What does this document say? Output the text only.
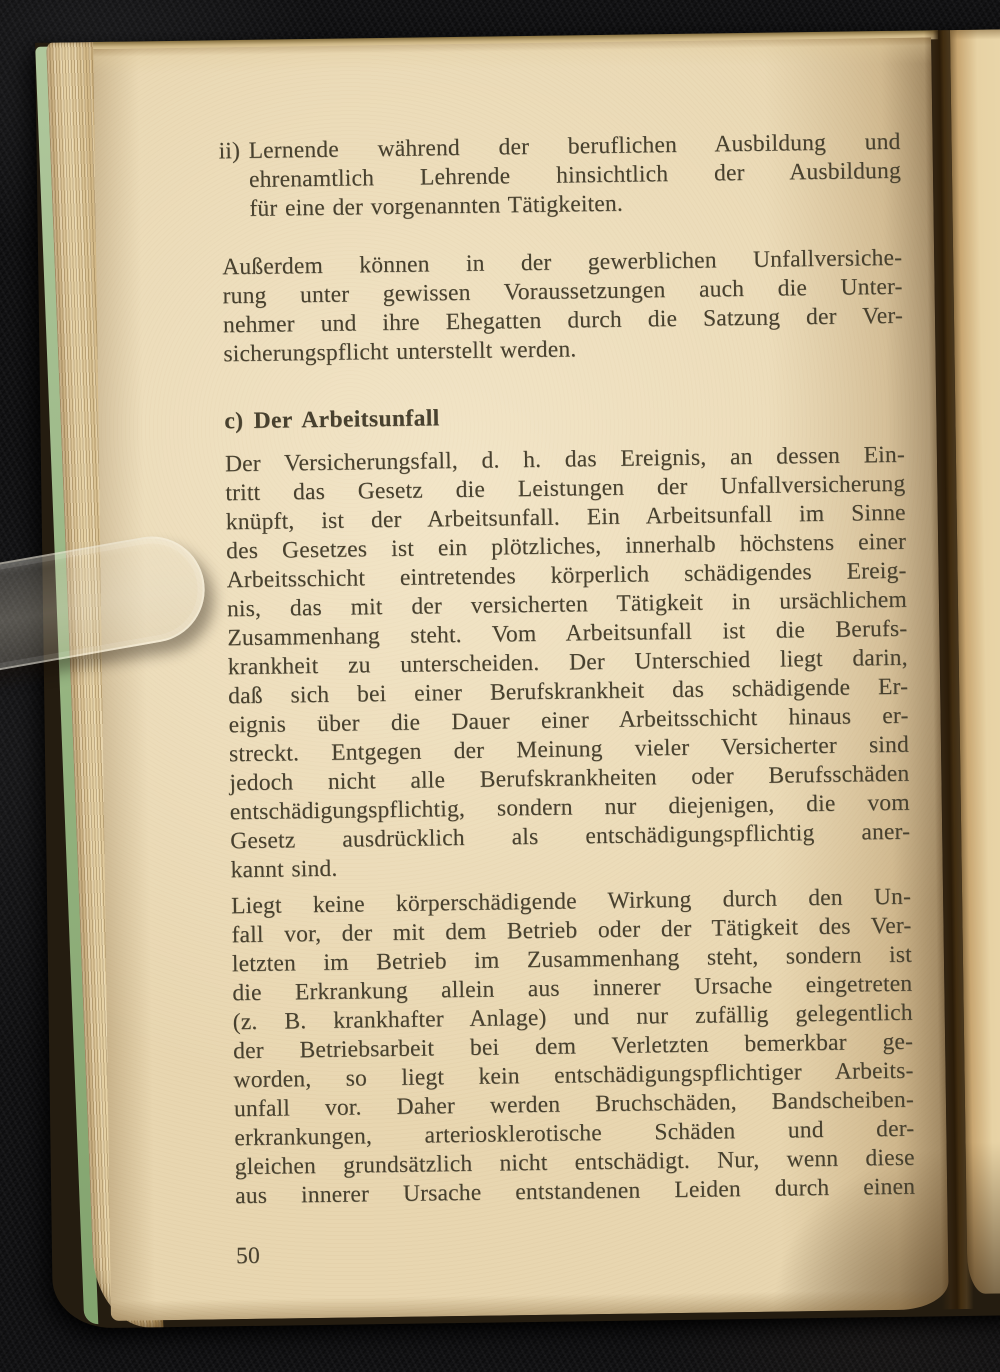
ii) Lernende während der beruflichen Ausbildung und
ehrenamtlich Lehrende hinsichtlich der Ausbildung
für eine der vorgenannten Tätigkeiten.
Außerdem können in der gewerblichen Unfallversiche-
rung unter gewissen Voraussetzungen auch die Unter-
nehmer und ihre Ehegatten durch die Satzung der Ver-
sicherungspflicht unterstellt werden.
c) Der Arbeitsunfall
Der Versicherungsfall, d. h. das Ereignis, an dessen Ein-
tritt das Gesetz die Leistungen der Unfallversicherung
knüpft, ist der Arbeitsunfall. Ein Arbeitsunfall im Sinne
des Gesetzes ist ein plötzliches, innerhalb höchstens einer
Arbeitsschicht eintretendes körperlich schädigendes Ereig-
nis, das mit der versicherten Tätigkeit in ursächlichem
Zusammenhang steht. Vom Arbeitsunfall ist die Berufs-
krankheit zu unterscheiden. Der Unterschied liegt darin,
daß sich bei einer Berufskrankheit das schädigende Er-
eignis über die Dauer einer Arbeitsschicht hinaus er-
streckt. Entgegen der Meinung vieler Versicherter sind
jedoch nicht alle Berufskrankheiten oder Berufsschäden
entschädigungspflichtig, sondern nur diejenigen, die vom
Gesetz ausdrücklich als entschädigungspflichtig aner-
kannt sind.
Liegt keine körperschädigende Wirkung durch den Un-
fall vor, der mit dem Betrieb oder der Tätigkeit des Ver-
letzten im Betrieb im Zusammenhang steht, sondern ist
die Erkrankung allein aus innerer Ursache eingetreten
(z. B. krankhafter Anlage) und nur zufällig gelegentlich
der Betriebsarbeit bei dem Verletzten bemerkbar ge-
worden, so liegt kein entschädigungspflichtiger Arbeits-
unfall vor. Daher werden Bruchschäden, Bandscheiben-
erkrankungen, arteriosklerotische Schäden und der-
gleichen grundsätzlich nicht entschädigt. Nur, wenn diese
aus innerer Ursache entstandenen Leiden durch einen
50
